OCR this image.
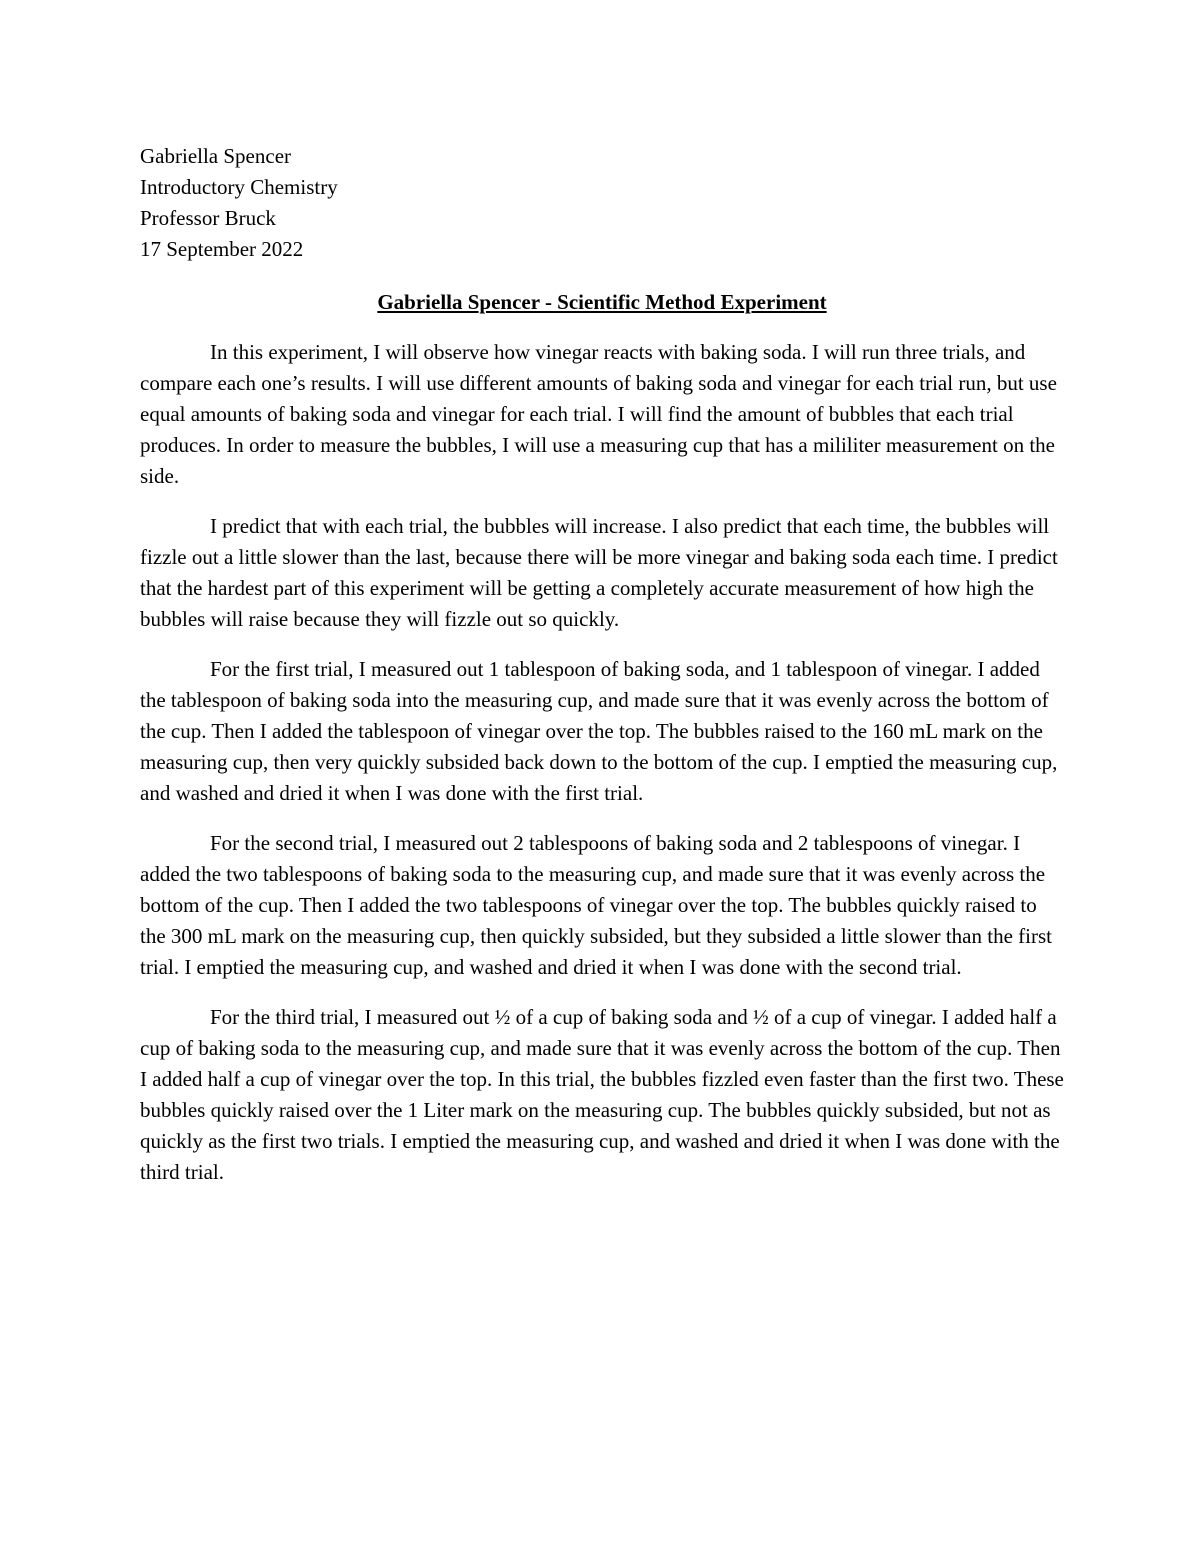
Gabriella Spencer
Introductory Chemistry
Professor Bruck
17 September 2022
Gabriella Spencer - Scientific Method Experiment

In this experiment, I will observe how vinegar reacts with baking soda. I will run three trials, and compare each one’s results. I will use different amounts of baking soda and vinegar for each trial run, but use equal amounts of baking soda and vinegar for each trial. I will find the amount of bubbles that each trial produces. In order to measure the bubbles, I will use a measuring cup that has a mililiter measurement on the side.

I predict that with each trial, the bubbles will increase. I also predict that each time, the bubbles will fizzle out a little slower than the last, because there will be more vinegar and baking soda each time. I predict that the hardest part of this experiment will be getting a completely accurate measurement of how high the bubbles will raise because they will fizzle out so quickly.

For the first trial, I measured out 1 tablespoon of baking soda, and 1 tablespoon of vinegar. I added the tablespoon of baking soda into the measuring cup, and made sure that it was evenly across the bottom of the cup. Then I added the tablespoon of vinegar over the top. The bubbles raised to the 160 mL mark on the measuring cup, then very quickly subsided back down to the bottom of the cup. I emptied the measuring cup, and washed and dried it when I was done with the first trial.

For the second trial, I measured out 2 tablespoons of baking soda and 2 tablespoons of vinegar. I added the two tablespoons of baking soda to the measuring cup, and made sure that it was evenly across the bottom of the cup. Then I added the two tablespoons of vinegar over the top. The bubbles quickly raised to the 300 mL mark on the measuring cup, then quickly subsided, but they subsided a little slower than the first trial. I emptied the measuring cup, and washed and dried it when I was done with the second trial.

For the third trial, I measured out ½ of a cup of baking soda and ½ of a cup of vinegar. I added half a cup of baking soda to the measuring cup, and made sure that it was evenly across the bottom of the cup. Then I added half a cup of vinegar over the top. In this trial, the bubbles fizzled even faster than the first two. These bubbles quickly raised over the 1 Liter mark on the measuring cup. The bubbles quickly subsided, but not as quickly as the first two trials. I emptied the measuring cup, and washed and dried it when I was done with the third trial.
